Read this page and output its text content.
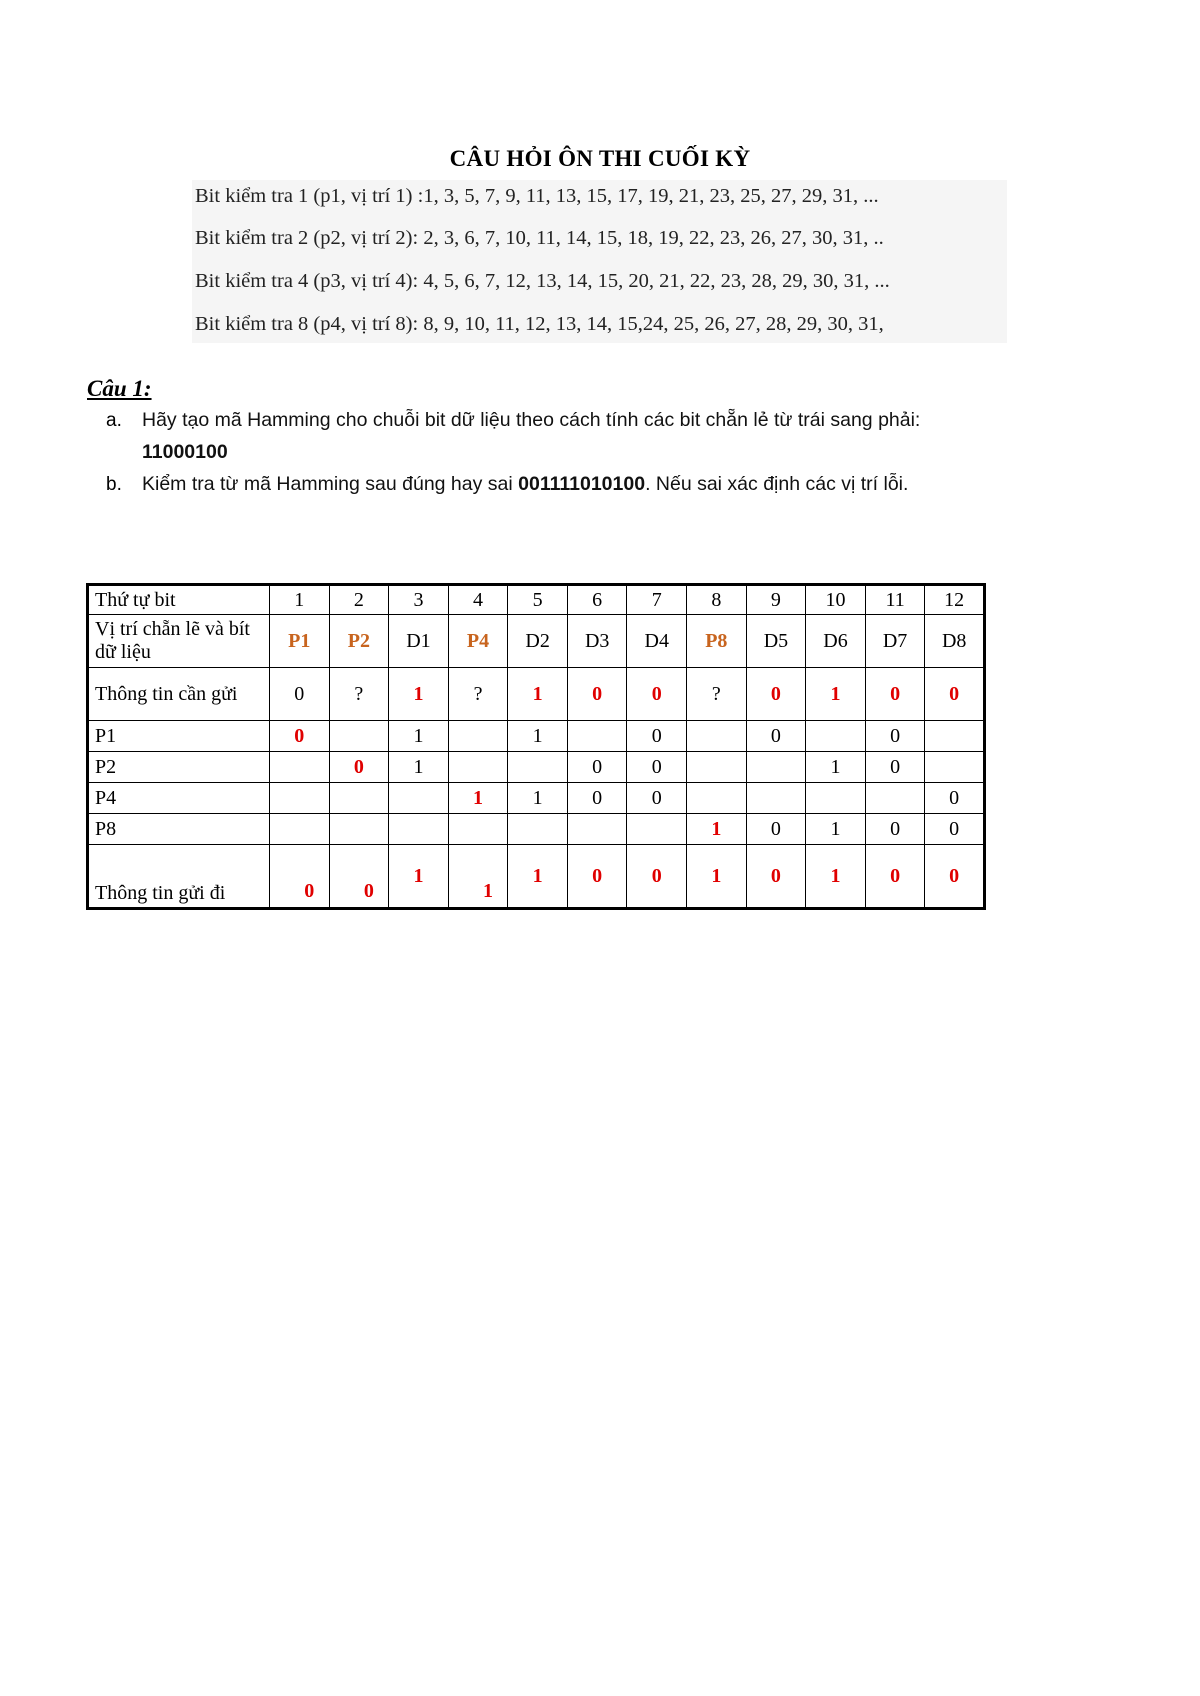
CÂU HỎI ÔN THI CUỐI KỲ
Bit kiểm tra 1 (p1, vị trí 1) :1, 3, 5, 7, 9, 11, 13, 15, 17, 19, 21, 23, 25, 27, 29, 31, ...
Bit kiểm tra 2 (p2, vị trí 2): 2, 3, 6, 7, 10, 11, 14, 15, 18, 19, 22, 23, 26, 27, 30, 31, ..
Bit kiểm tra 4 (p3, vị trí 4): 4, 5, 6, 7, 12, 13, 14, 15, 20, 21, 22, 23, 28, 29, 30, 31, ...
Bit kiểm tra 8 (p4, vị trí 8): 8, 9, 10, 11, 12, 13, 14, 15,24, 25, 26, 27, 28, 29, 30, 31,
Câu 1:
a. Hãy tạo mã Hamming cho chuỗi bit dữ liệu theo cách tính các bit chẵn lẻ từ trái sang phải:
11000100
b. Kiểm tra từ mã Hamming sau đúng hay sai 001111010100. Nếu sai xác định các vị trí lỗi.
Thứ tự bit	1	2	3	4	5	6	7	8	9	10	11	12
Vị trí chẵn lẽ và bít dữ liệu	P1	P2	D1	P4	D2	D3	D4	P8	D5	D6	D7	D8
Thông tin cần gửi	0	?	1	?	1	0	0	?	0	1	0	0
P1	0		1		1		0		0		0	
P2		0	1			0	0			1	0	
P4				1	1	0	0					0
P8								1	0	1	0	0
Thông tin gửi đi	0	0	1	1	1	0	0	1	0	1	0	0
